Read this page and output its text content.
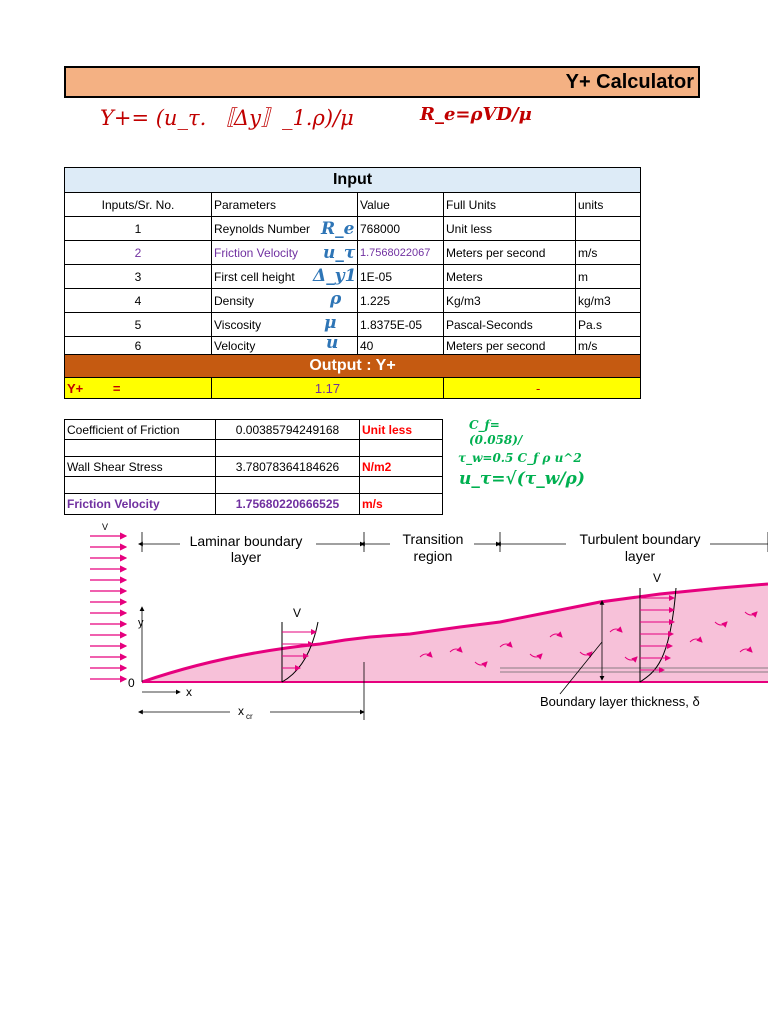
Y+ Calculator
Y+= (u_τ. 〚Δy〛_1.ρ)/μ	R_e=ρVD/μ
Input				
Inputs/Sr. No.	Parameters	Value	Full Units	units
1	Reynolds Number	768000	Unit less	
2	Friction Velocity	1.7568022067	Meters per second	m/s
3	First cell height	1E-05	Meters	m
4	Density	1.225	Kg/m3	kg/m3
5	Viscosity	1.8375E-05	Pascal-Seconds	Pa.s
6	Velocity	40	Meters per second	m/s
Output : Y+				
Y+ =	1.17		-	
R_e
u_τ
Δ_y1
ρ
μ
u
Coefficient of Friction	0.00385794249168	Unit less

Wall Shear Stress	3.78078364184626	N/m2

Friction Velocity	1.75680220666525	m/s
C_f=
(0.058)/
τ_w=0.5 C_f ρ u^2
u_τ=√(τ_w/ρ)
V
V
V
Boundary layer thickness, δ
y
x
0
x cr
Laminar boundary
layer
Transition
region
Turbulent boundary
layer
